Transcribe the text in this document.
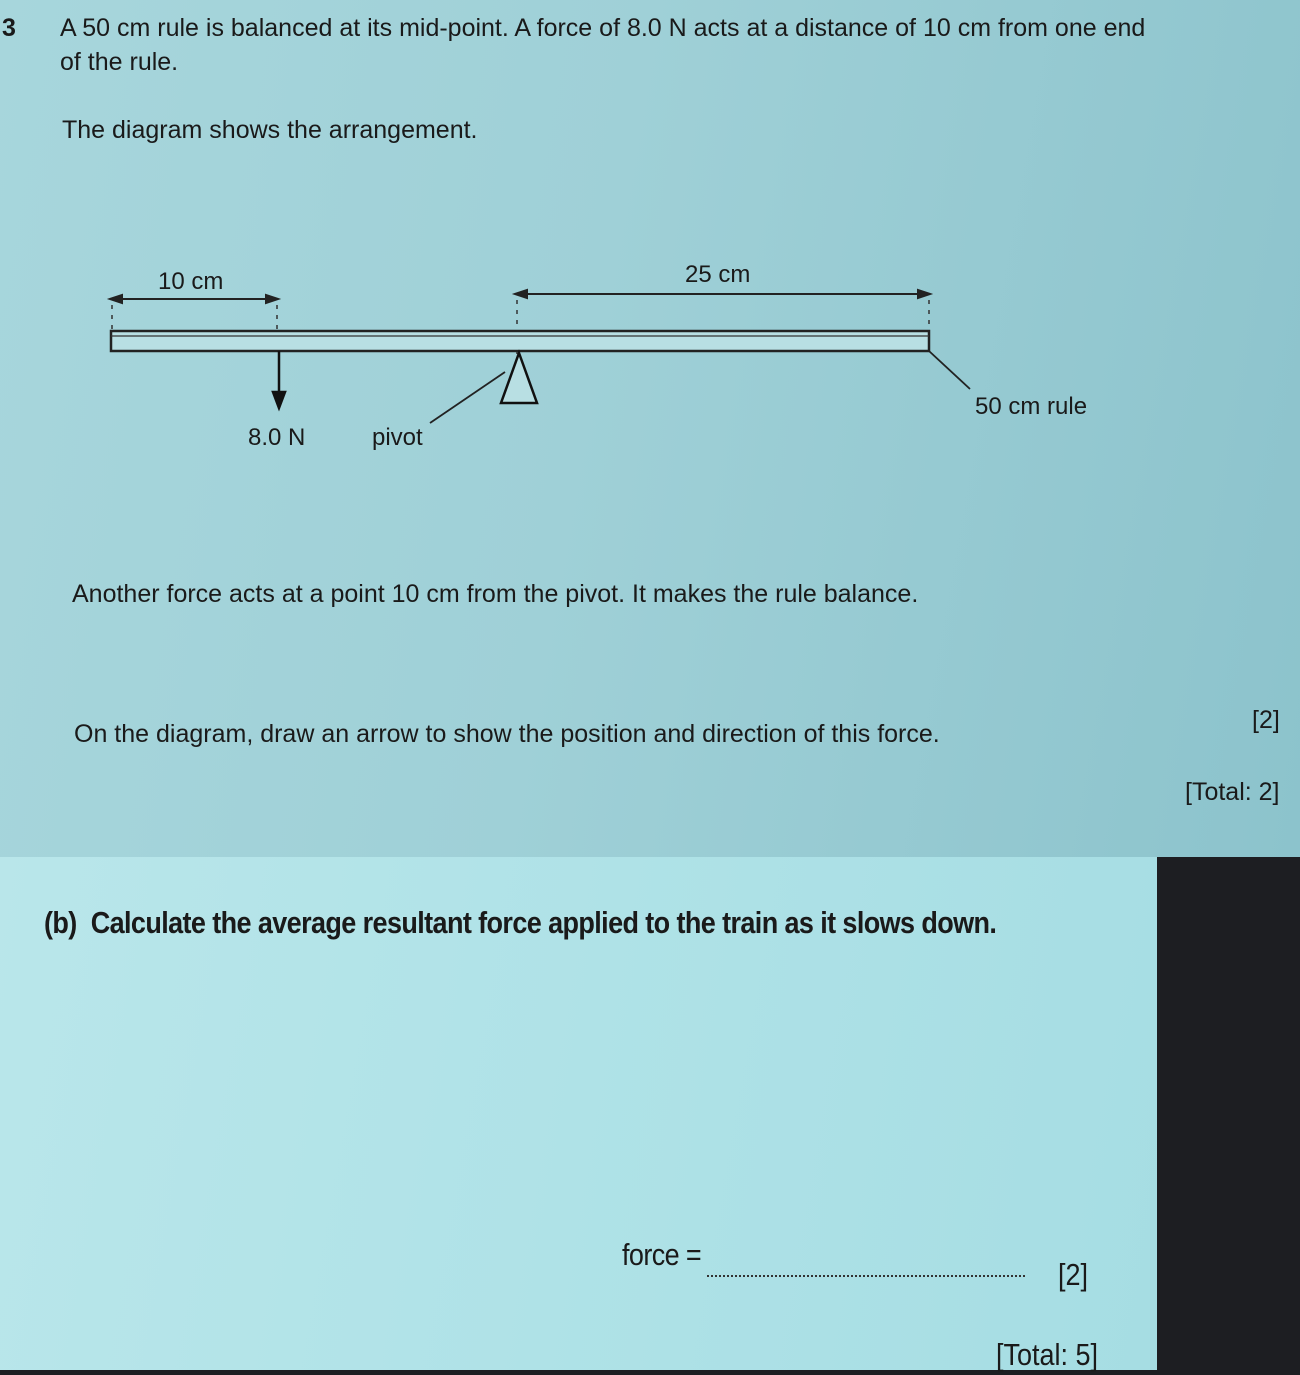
3 A 50 cm rule is balanced at its mid-point. A force of 8.0 N acts at a distance of 10 cm from one end
of the rule.
The diagram shows the arrangement.
10 cm	25 cm
8.0 N	pivot
50 cm rule
Another force acts at a point 10 cm from the pivot. It makes the rule balance.
On the diagram, draw an arrow to show the position and direction of this force.	[2]
[Total: 2]
(b) Calculate the average resultant force applied to the train as it slows down.
force =
[2]
[Total: 5]
